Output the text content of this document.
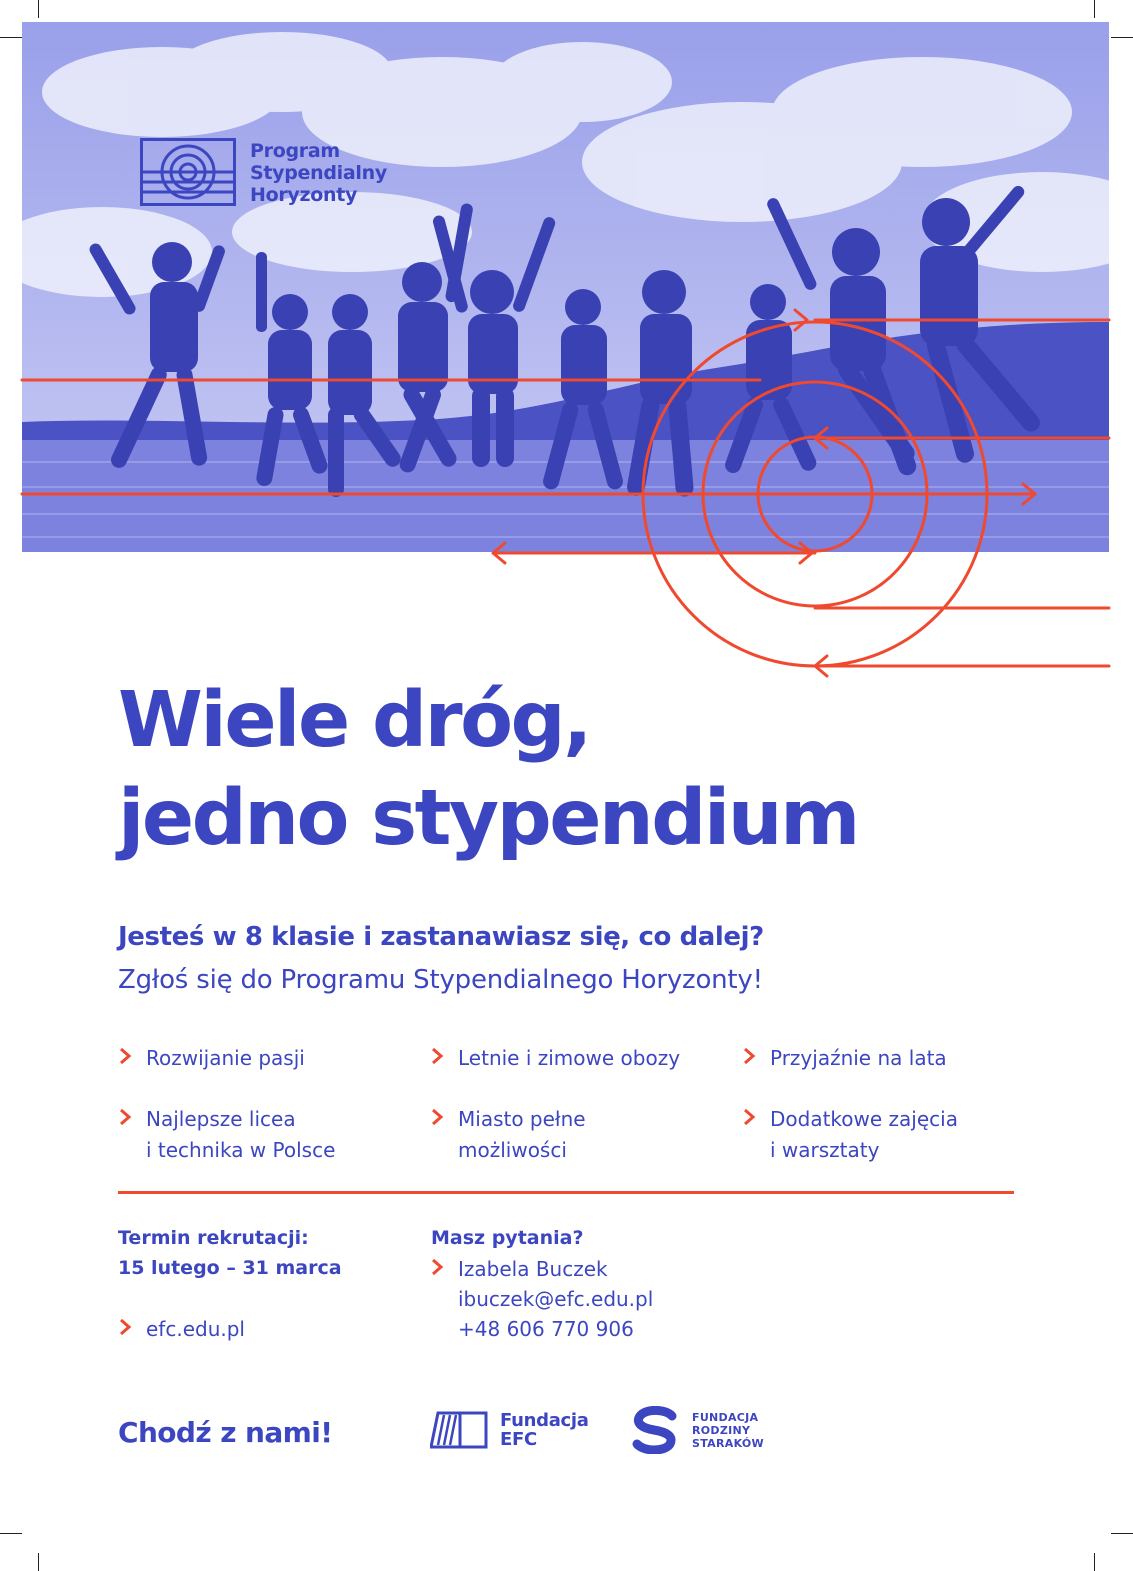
Program
Stypendialny
Horyzonty
Wiele dróg,
jedno stypendium

Jesteś w 8 klasie i zastanawiasz się, co dalej?

Zgłoś się do Programu Stypendialnego Horyzonty!

Rozwijanie pasji	Letnie i zimowe obozy	Przyjaźnie na lata
Najlepsze licea
i technika w Polsce
Miasto pełne
możliwości
Dodatkowe zajęcia
i warsztaty
Termin rekrutacji:
15 lutego – 31 marca
efc.edu.pl
Masz pytania?
Izabela Buczek
ibuczek@efc.edu.pl
+48 606 770 906

Chodź z nami!	Fundacja
EFC
FUNDACJA
RODZINY
STARAKÓW
